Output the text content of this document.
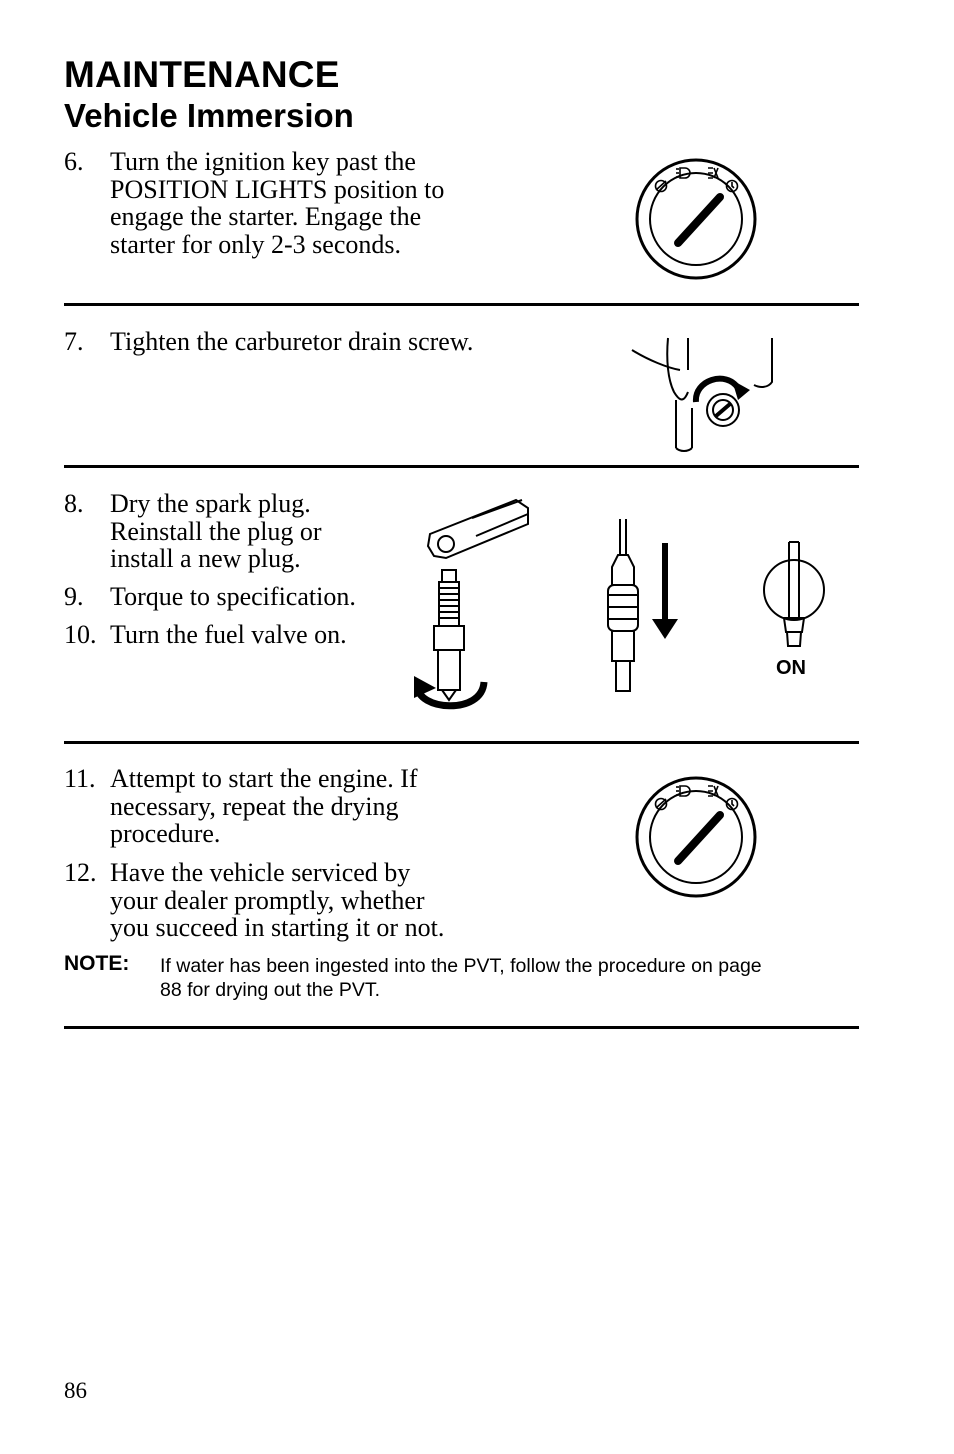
MAINTENANCE
Vehicle Immersion
6. Turn the ignition key past the
POSITION LIGHTS position to
engage the starter. Engage the
starter for only 2-3 seconds.
7. Tighten the carburetor drain screw.
8. Dry the spark plug.
Reinstall the plug or
install a new plug.
9. Torque to specification.
10. Turn the fuel valve on.
ON
11. Attempt to start the engine. If
necessary, repeat the drying
procedure.
12. Have the vehicle serviced by
your dealer promptly, whether
you succeed in starting it or not.
NOTE: If water has been ingested into the PVT, follow the procedure on page
88 for drying out the PVT.
86
